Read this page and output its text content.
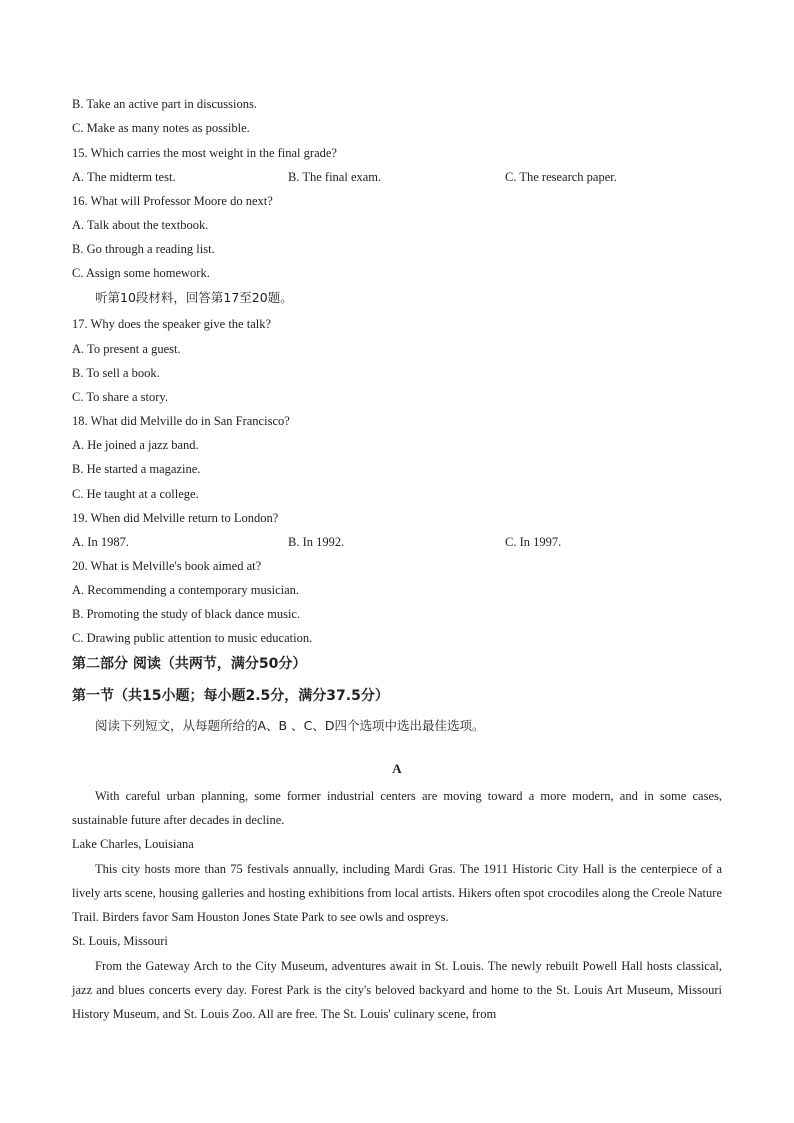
B. Take an active part in discussions.
C. Make as many notes as possible.
15. Which carries the most weight in the final grade?
A. The midterm test.	B. The final exam.	C. The research paper.
16. What will Professor Moore do next?
A. Talk about the textbook.
B. Go through a reading list.
C. Assign some homework.
听第10段材料，回答第17至20题。
17. Why does the speaker give the talk?
A. To present a guest.
B. To sell a book.
C. To share a story.
18. What did Melville do in San Francisco?
A. He joined a jazz band.
B. He started a magazine.
C. He taught at a college.
19. When did Melville return to London?
A. In 1987.	B. In 1992.	C. In 1997.
20. What is Melville's book aimed at?
A. Recommending a contemporary musician.
B. Promoting the study of black dance music.
C. Drawing public attention to music education.
第二部分 阅读（共两节，满分50分）
第一节（共15小题；每小题2.5分，满分37.5分）
阅读下列短文，从每题所给的A、B 、C、D四个选项中选出最佳选项。
A
With careful urban planning, some former industrial centers are moving toward a more modern, and in some cases, sustainable future after decades in decline.
Lake Charles, Louisiana
This city hosts more than 75 festivals annually, including Mardi Gras. The 1911 Historic City Hall is the centerpiece of a lively arts scene, housing galleries and hosting exhibitions from local artists. Hikers often spot crocodiles along the Creole Nature Trail. Birders favor Sam Houston Jones State Park to see owls and ospreys.
St. Louis, Missouri
From the Gateway Arch to the City Museum, adventures await in St. Louis. The newly rebuilt Powell Hall hosts classical, jazz and blues concerts every day. Forest Park is the city's beloved backyard and home to the St. Louis Art Museum, Missouri History Museum, and St. Louis Zoo. All are free. The St. Louis' culinary scene, from
